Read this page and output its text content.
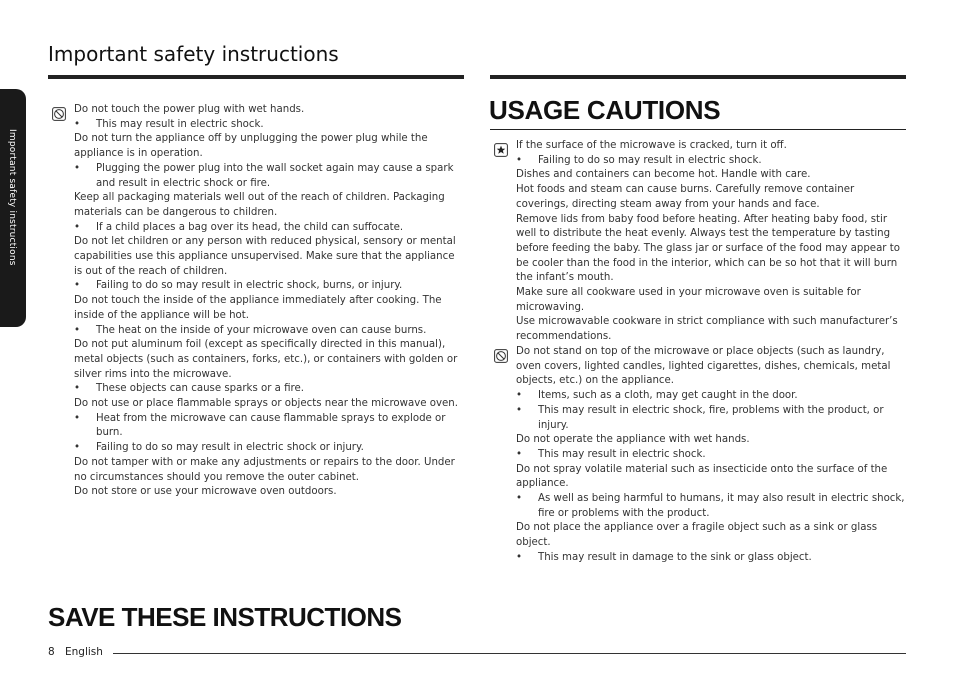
Important safety instructions
Important safety instructions

Do not touch the power plug with wet hands.

• This may result in electric shock.

Do not turn the appliance off by unplugging the power plug while the appliance is in operation.

• Plugging the power plug into the wall socket again may cause a spark and result in electric shock or fire.

Keep all packaging materials well out of the reach of children. Packaging materials can be dangerous to children.

• If a child places a bag over its head, the child can suffocate.

Do not let children or any person with reduced physical, sensory or mental capabilities use this appliance unsupervised. Make sure that the appliance is out of the reach of children.

• Failing to do so may result in electric shock, burns, or injury.

Do not touch the inside of the appliance immediately after cooking. The inside of the appliance will be hot.

• The heat on the inside of your microwave oven can cause burns.

Do not put aluminum foil (except as specifically directed in this manual), metal objects (such as containers, forks, etc.), or containers with golden or silver rims into the microwave.

• These objects can cause sparks or a fire.

Do not use or place flammable sprays or objects near the microwave oven.

• Heat from the microwave can cause flammable sprays to explode or burn.

• Failing to do so may result in electric shock or injury.

Do not tamper with or make any adjustments or repairs to the door. Under no circumstances should you remove the outer cabinet.

Do not store or use your microwave oven outdoors.

USAGE CAUTIONS

If the surface of the microwave is cracked, turn it off.

• Failing to do so may result in electric shock.

Dishes and containers can become hot. Handle with care.

Hot foods and steam can cause burns. Carefully remove container coverings, directing steam away from your hands and face.

Remove lids from baby food before heating. After heating baby food, stir well to distribute the heat evenly. Always test the temperature by tasting before feeding the baby. The glass jar or surface of the food may appear to be cooler than the food in the interior, which can be so hot that it will burn the infant’s mouth.

Make sure all cookware used in your microwave oven is suitable for microwaving.

Use microwavable cookware in strict compliance with such manufacturer’s recommendations.

Do not stand on top of the microwave or place objects (such as laundry, oven covers, lighted candles, lighted cigarettes, dishes, chemicals, metal objects, etc.) on the appliance.

• Items, such as a cloth, may get caught in the door.

• This may result in electric shock, fire, problems with the product, or injury.

Do not operate the appliance with wet hands.

• This may result in electric shock.

Do not spray volatile material such as insecticide onto the surface of the appliance.

• As well as being harmful to humans, it may also result in electric shock, fire or problems with the product.

Do not place the appliance over a fragile object such as a sink or glass object.

• This may result in damage to the sink or glass object.

SAVE THESE INSTRUCTIONS
8 English
